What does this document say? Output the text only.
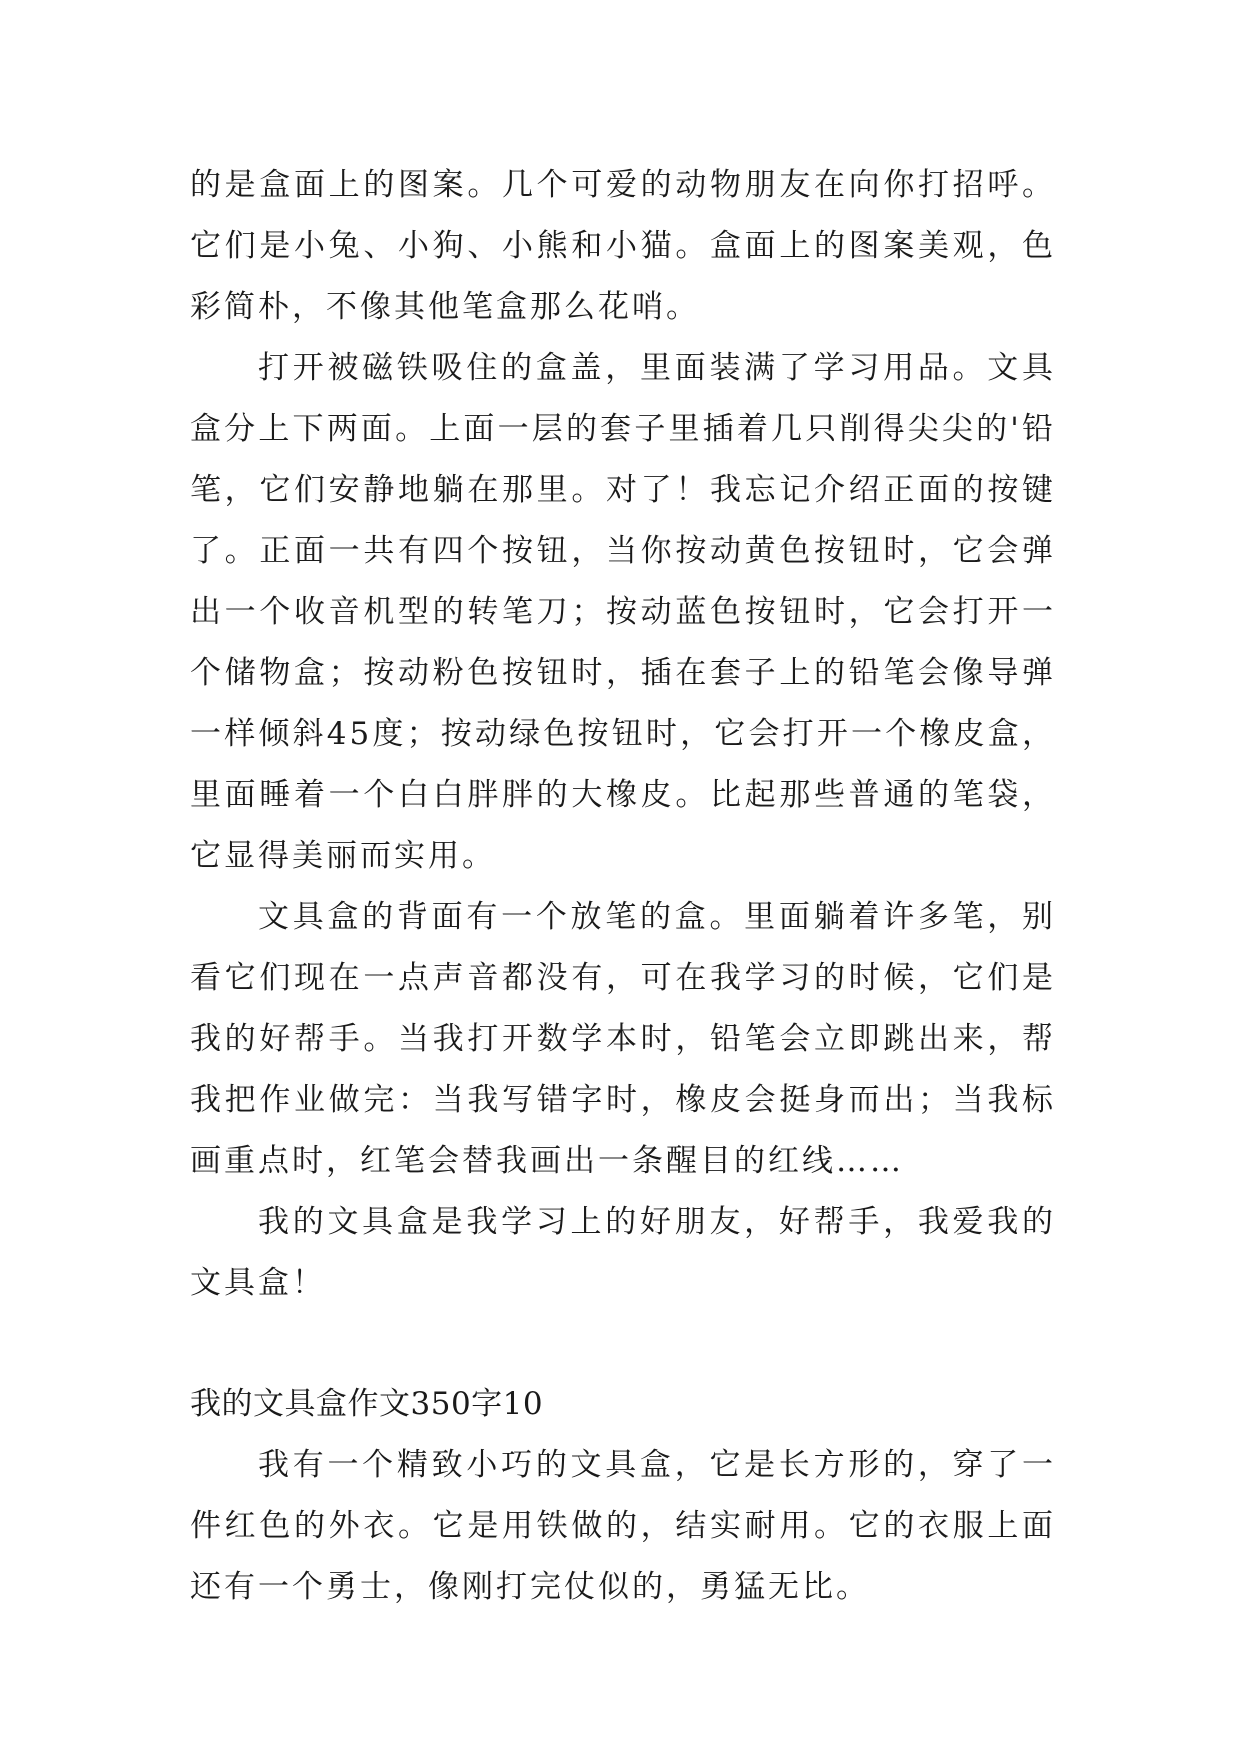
的是盒面上的图案。几个可爱的动物朋友在向你打招呼。它们是小兔、小狗、小熊和小猫。盒面上的图案美观，色彩简朴，不像其他笔盒那么花哨。

打开被磁铁吸住的盒盖，里面装满了学习用品。文具盒分上下两面。上面一层的套子里插着几只削得尖尖的'铅笔，它们安静地躺在那里。对了！我忘记介绍正面的按键了。正面一共有四个按钮，当你按动黄色按钮时，它会弹出一个收音机型的转笔刀；按动蓝色按钮时，它会打开一个储物盒；按动粉色按钮时，插在套子上的铅笔会像导弹一样倾斜45度；按动绿色按钮时，它会打开一个橡皮盒，里面睡着一个白白胖胖的大橡皮。比起那些普通的笔袋，它显得美丽而实用。

文具盒的背面有一个放笔的盒。里面躺着许多笔，别看它们现在一点声音都没有，可在我学习的时候，它们是我的好帮手。当我打开数学本时，铅笔会立即跳出来，帮我把作业做完：当我写错字时，橡皮会挺身而出；当我标画重点时，红笔会替我画出一条醒目的红线……

我的文具盒是我学习上的好朋友，好帮手，我爱我的文具盒！

我的文具盒作文350字10

我有一个精致小巧的文具盒，它是长方形的，穿了一件红色的外衣。它是用铁做的，结实耐用。它的衣服上面还有一个勇士，像刚打完仗似的，勇猛无比。
